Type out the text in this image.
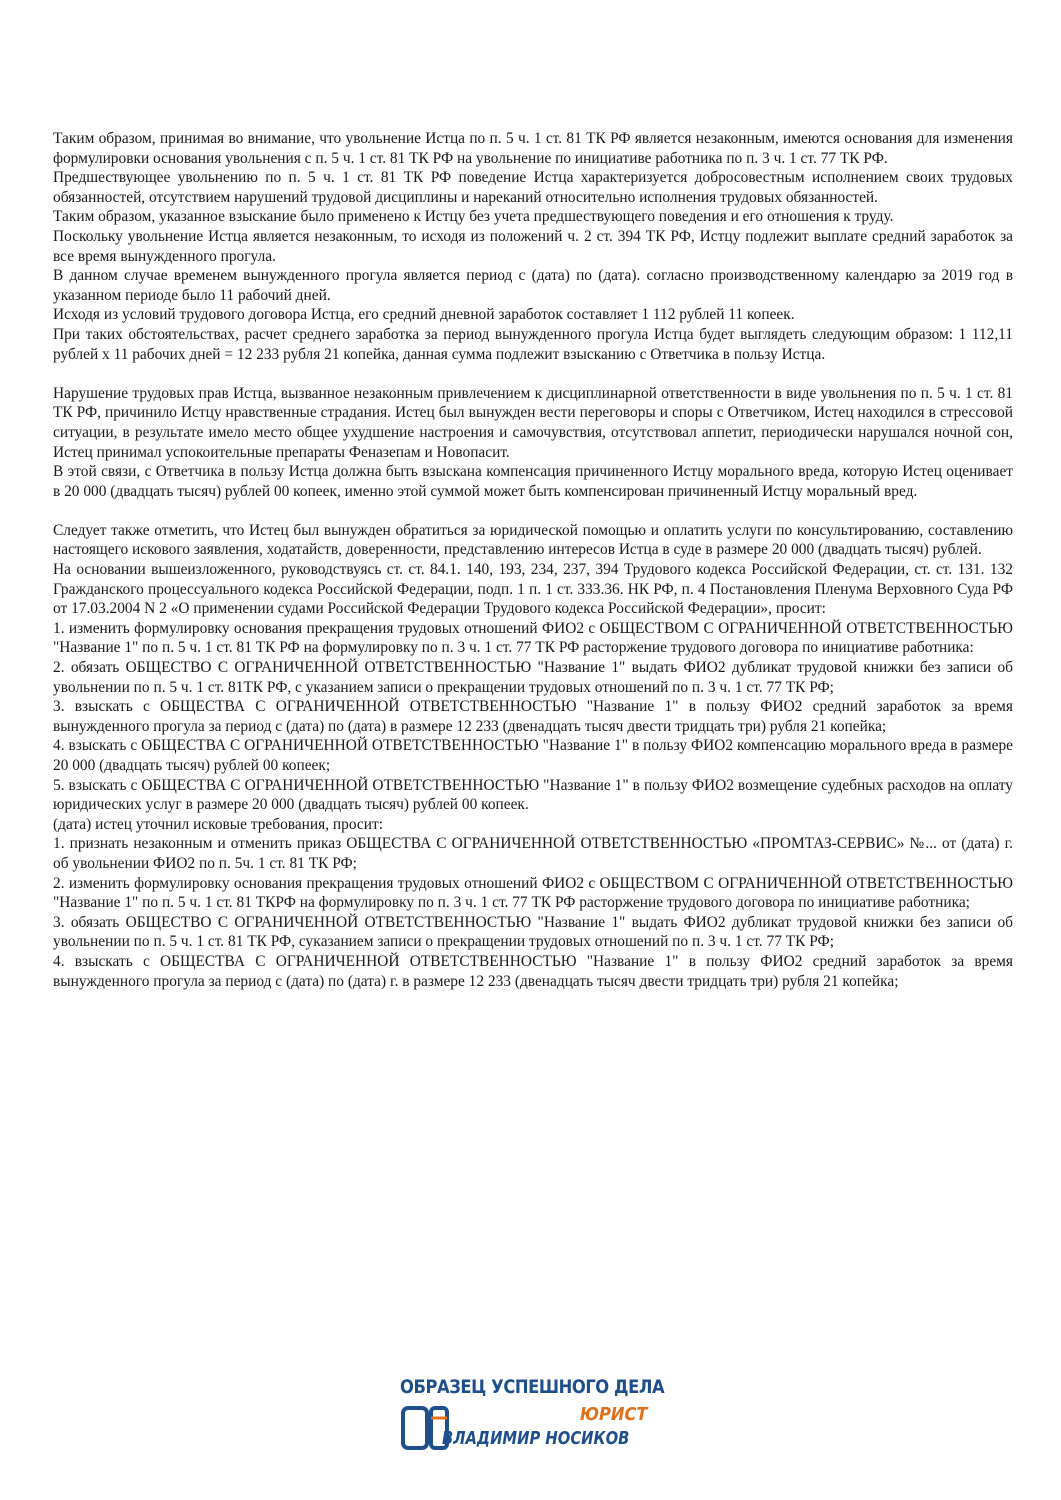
Таким образом, принимая во внимание, что увольнение Истца по п. 5 ч. 1 ст. 81 ТК РФ является незаконным, имеются основания для изменения формулировки основания увольнения с п. 5 ч. 1 ст. 81 ТК РФ на увольнение по инициативе работника по п. 3 ч. 1 ст. 77 ТК РФ.

Предшествующее увольнению по п. 5 ч. 1 ст. 81 ТК РФ поведение Истца характеризуется добросовестным исполнением своих трудовых обязанностей, отсутствием нарушений трудовой дисциплины и нареканий относительно исполнения трудовых обязанностей.

Таким образом, указанное взыскание было применено к Истцу без учета предшествующего поведения и его отношения к труду.

Поскольку увольнение Истца является незаконным, то исходя из положений ч. 2 ст. 394 ТК РФ, Истцу подлежит выплате средний заработок за все время вынужденного прогула.

В данном случае временем вынужденного прогула является период с (дата) по (дата). согласно производственному календарю за 2019 год в указанном периоде было 11 рабочий дней.

Исходя из условий трудового договора Истца, его средний дневной заработок составляет 1 112 рублей 11 копеек.

При таких обстоятельствах, расчет среднего заработка за период вынужденного прогула Истца будет выглядеть следующим образом: 1 112,11 рублей х 11 рабочих дней = 12 233 рубля 21 копейка, данная сумма подлежит взысканию с Ответчика в пользу Истца.

Нарушение трудовых прав Истца, вызванное незаконным привлечением к дисциплинарной ответственности в виде увольнения по п. 5 ч. 1 ст. 81 ТК РФ, причинило Истцу нравственные страдания. Истец был вынужден вести переговоры и споры с Ответчиком, Истец находился в стрессовой ситуации, в результате имело место общее ухудшение настроения и самочувствия, отсутствовал аппетит, периодически нарушался ночной сон, Истец принимал успокоительные препараты Феназепам и Новопасит.

В этой связи, с Ответчика в пользу Истца должна быть взыскана компенсация причиненного Истцу морального вреда, которую Истец оценивает в 20 000 (двадцать тысяч) рублей 00 копеек, именно этой суммой может быть компенсирован причиненный Истцу моральный вред.

Следует также отметить, что Истец был вынужден обратиться за юридической помощью и оплатить услуги по консультированию, составлению настоящего искового заявления, ходатайств, доверенности, представлению интересов Истца в суде в размере 20 000 (двадцать тысяч) рублей.

На основании вышеизложенного, руководствуясь ст. ст. 84.1. 140, 193, 234, 237, 394 Трудового кодекса Российской Федерации, ст. ст. 131. 132 Гражданского процессуального кодекса Российской Федерации, подп. 1 п. 1 ст. 333.36. НК РФ, п. 4 Постановления Пленума Верховного Суда РФ от 17.03.2004 N 2 «О применении судами Российской Федерации Трудового кодекса Российской Федерации», просит:

1. изменить формулировку основания прекращения трудовых отношений ФИО2 с ОБЩЕСТВОМ С ОГРАНИЧЕННОЙ ОТВЕТСТВЕННОСТЬЮ "Название 1" по п. 5 ч. 1 ст. 81 ТК РФ на формулировку по п. 3 ч. 1 ст. 77 ТК РФ расторжение трудового договора по инициативе работника:

2. обязать ОБЩЕСТВО С ОГРАНИЧЕННОЙ ОТВЕТСТВЕННОСТЬЮ "Название 1" выдать ФИО2 дубликат трудовой книжки без записи об увольнении по п. 5 ч. 1 ст. 81ТК РФ, с указанием записи о прекращении трудовых отношений по п. 3 ч. 1 ст. 77 ТК РФ;

3. взыскать с ОБЩЕСТВА С ОГРАНИЧЕННОЙ ОТВЕТСТВЕННОСТЬЮ "Название 1" в пользу ФИО2 средний заработок за время вынужденного прогула за период с (дата) по (дата) в размере 12 233 (двенадцать тысяч двести тридцать три) рубля 21 копейка;

4. взыскать с ОБЩЕСТВА С ОГРАНИЧЕННОЙ ОТВЕТСТВЕННОСТЬЮ "Название 1" в пользу ФИО2 компенсацию морального вреда в размере 20 000 (двадцать тысяч) рублей 00 копеек;

5. взыскать с ОБЩЕСТВА С ОГРАНИЧЕННОЙ ОТВЕТСТВЕННОСТЬЮ "Название 1" в пользу ФИО2 возмещение судебных расходов на оплату юридических услуг в размере 20 000 (двадцать тысяч) рублей 00 копеек.

(дата) истец уточнил исковые требования, просит:

1. признать незаконным и отменить приказ ОБЩЕСТВА С ОГРАНИЧЕННОЙ ОТВЕТСТВЕННОСТЬЮ «ПРОМТАЗ-СЕРВИС» №... от (дата) г. об увольнении ФИО2 по п. 5ч. 1 ст. 81 ТК РФ;

2. изменить формулировку основания прекращения трудовых отношений ФИО2 с ОБЩЕСТВОМ С ОГРАНИЧЕННОЙ ОТВЕТСТВЕННОСТЬЮ "Название 1" по п. 5 ч. 1 ст. 81 ТКРФ на формулировку по п. 3 ч. 1 ст. 77 ТК РФ расторжение трудового договора по инициативе работника;

3. обязать ОБЩЕСТВО С ОГРАНИЧЕННОЙ ОТВЕТСТВЕННОСТЬЮ "Название 1" выдать ФИО2 дубликат трудовой книжки без записи об увольнении по п. 5 ч. 1 ст. 81 ТК РФ, сукaзанием записи о прекращении трудовых отношений по п. 3 ч. 1 ст. 77 ТК РФ;

4. взыскать с ОБЩЕСТВА С ОГРАНИЧЕННОЙ ОТВЕТСТВЕННОСТЬЮ "Название 1" в пользу ФИО2 средний заработок за время вынужденного прогула за период с (дата) по (дата) г. в размере 12 233 (двенадцать тысяч двести тридцать три) рубля 21 копейка;

ОБРАЗЕЦ УСПЕШНОГО ДЕЛА
ЮРИСТ
ВЛАДИМИР НОСИКОВ
